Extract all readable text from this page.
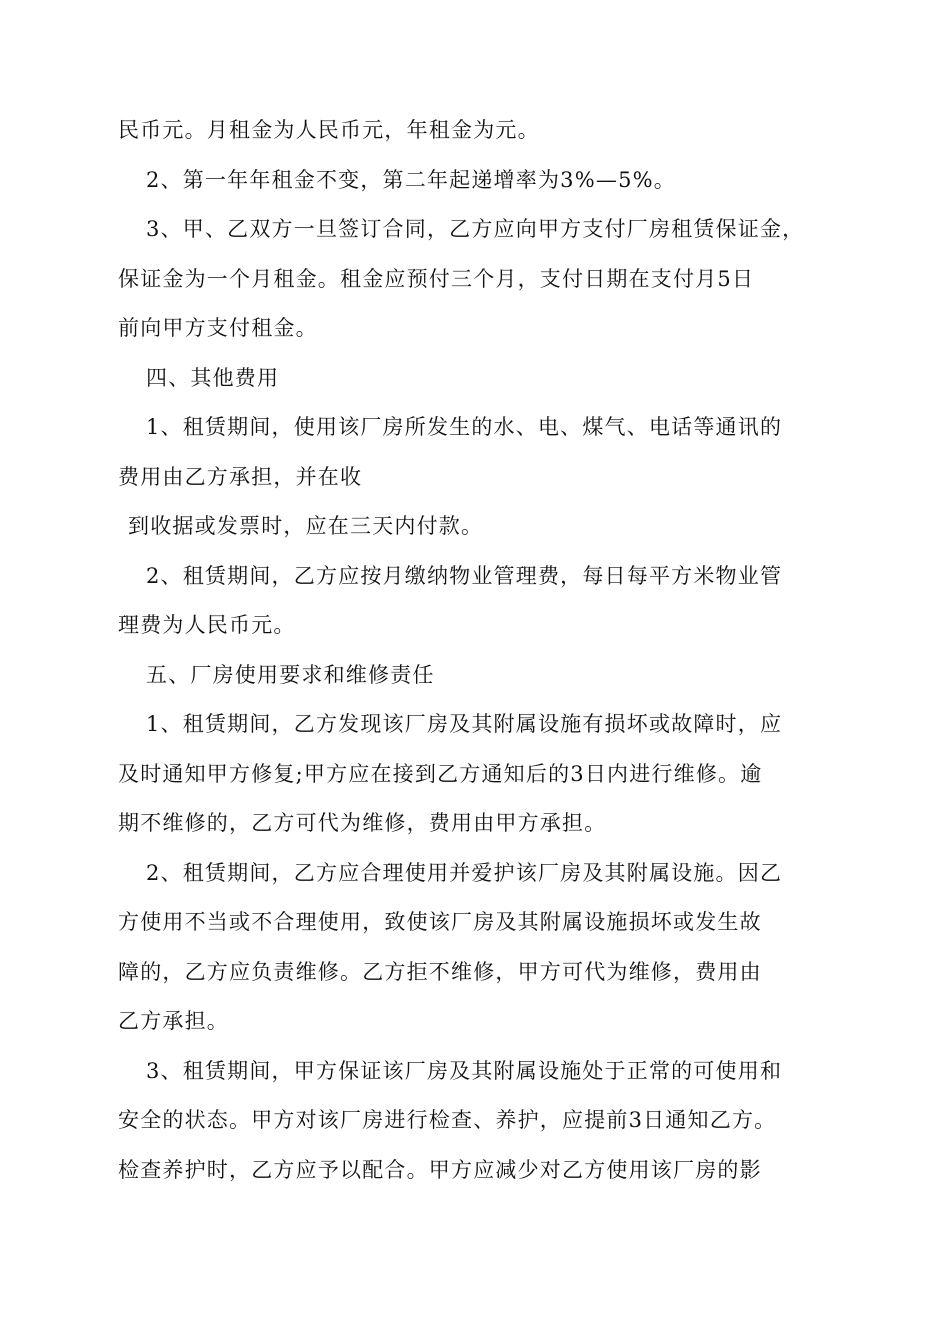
民币元。月租金为人民币元，年租金为元。
2、第一年年租金不变，第二年起递增率为3%—5%。
3、甲、乙双方一旦签订合同，乙方应向甲方支付厂房租赁保证金，
保证金为一个月租金。租金应预付三个月，支付日期在支付月5日
前向甲方支付租金。
四、其他费用
1、租赁期间，使用该厂房所发生的水、电、煤气、电话等通讯的
费用由乙方承担，并在收
到收据或发票时，应在三天内付款。
2、租赁期间，乙方应按月缴纳物业管理费，每日每平方米物业管
理费为人民币元。
五、厂房使用要求和维修责任
1、租赁期间，乙方发现该厂房及其附属设施有损坏或故障时，应
及时通知甲方修复;甲方应在接到乙方通知后的3日内进行维修。逾
期不维修的，乙方可代为维修，费用由甲方承担。
2、租赁期间，乙方应合理使用并爱护该厂房及其附属设施。因乙
方使用不当或不合理使用，致使该厂房及其附属设施损坏或发生故
障的，乙方应负责维修。乙方拒不维修，甲方可代为维修，费用由
乙方承担。
3、租赁期间，甲方保证该厂房及其附属设施处于正常的可使用和
安全的状态。甲方对该厂房进行检查、养护，应提前3日通知乙方。
检查养护时，乙方应予以配合。甲方应减少对乙方使用该厂房的影
